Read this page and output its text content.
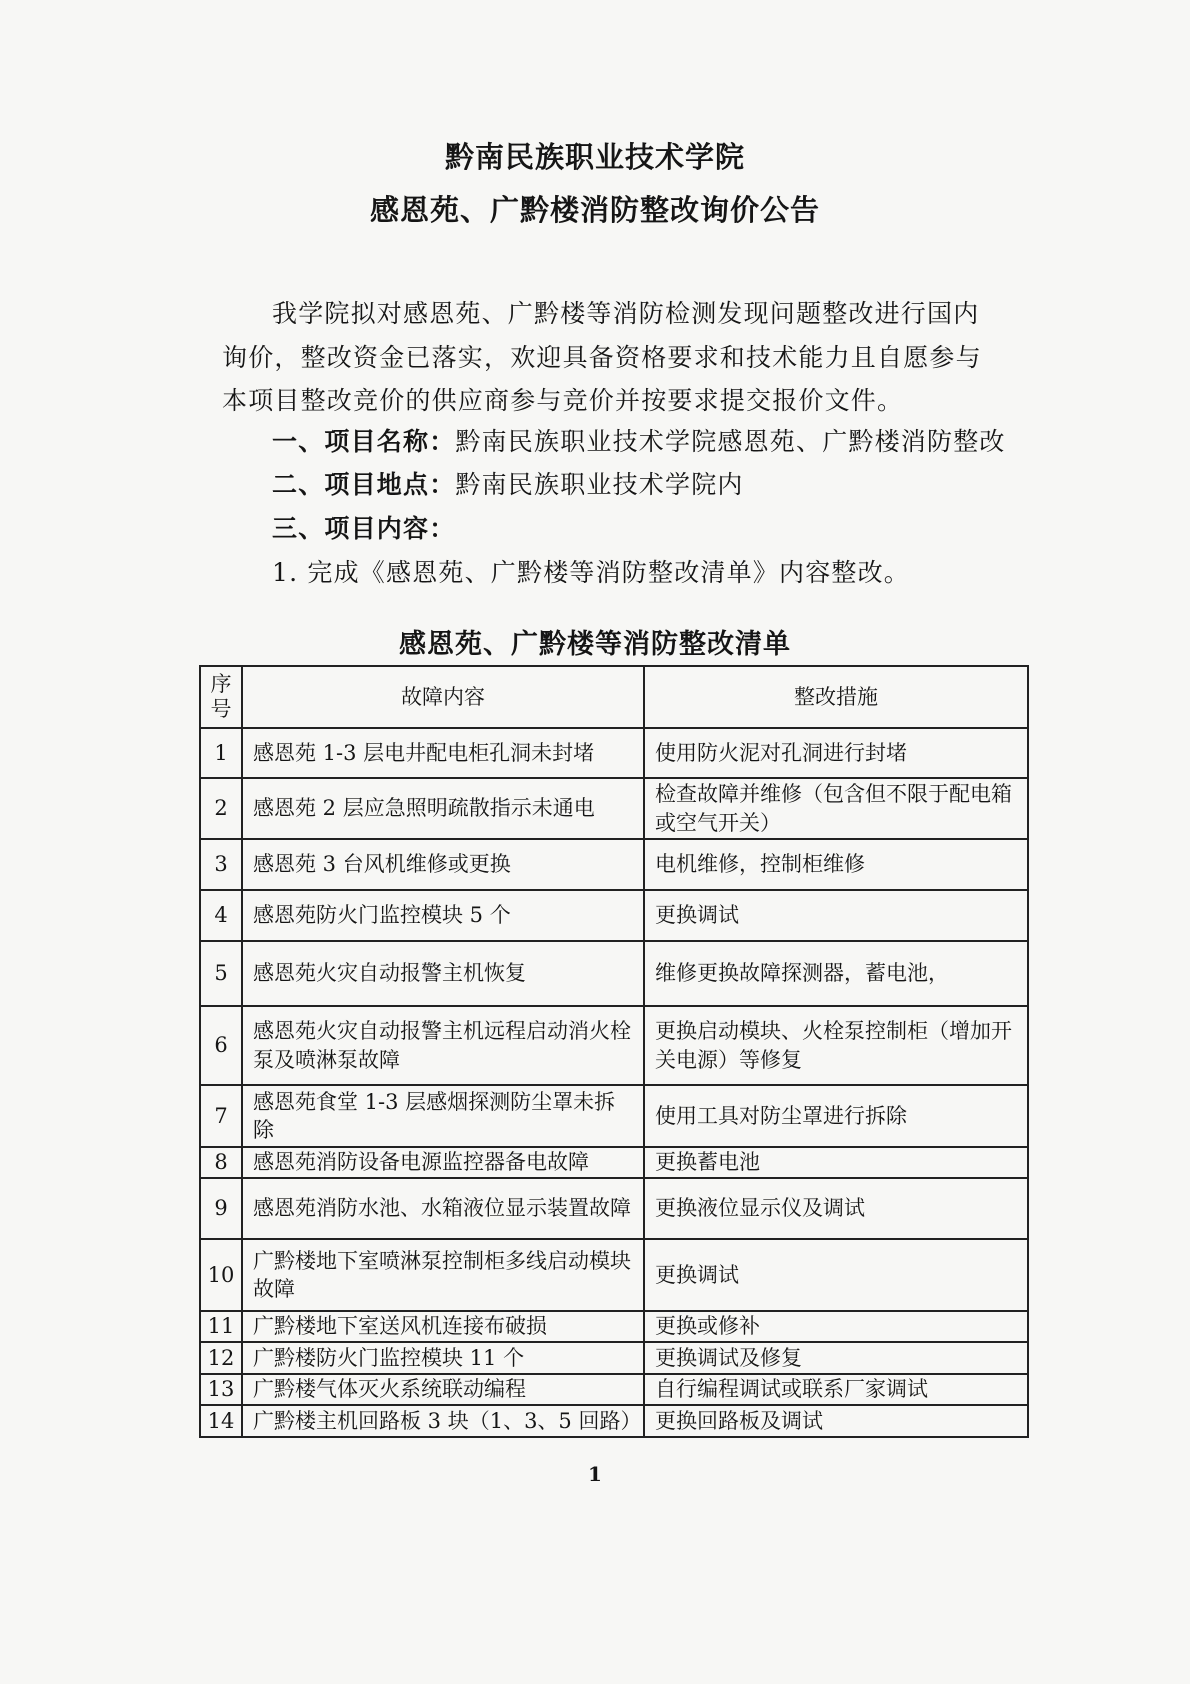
黔南民族职业技术学院
感恩苑、广黔楼消防整改询价公告

我学院拟对感恩苑、广黔楼等消防检测发现问题整改进行国内询价，整改资金已落实，欢迎具备资格要求和技术能力且自愿参与本项目整改竞价的供应商参与竞价并按要求提交报价文件。

一、项目名称：黔南民族职业技术学院感恩苑、广黔楼消防整改
二、项目地点：黔南民族职业技术学院内
三、项目内容：
1. 完成《感恩苑、广黔楼等消防整改清单》内容整改。
感恩苑、广黔楼等消防整改清单
序号	故障内容	整改措施
1	感恩苑 1-3 层电井配电柜孔洞未封堵	使用防火泥对孔洞进行封堵
2	感恩苑 2 层应急照明疏散指示未通电	检查故障并维修（包含但不限于配电箱或空气开关）
3	感恩苑 3 台风机维修或更换	电机维修，控制柜维修
4	感恩苑防火门监控模块 5 个	更换调试
5	感恩苑火灾自动报警主机恢复	维修更换故障探测器，蓄电池，
6	感恩苑火灾自动报警主机远程启动消火栓泵及喷淋泵故障	更换启动模块、火栓泵控制柜（增加开关电源）等修复
7	感恩苑食堂 1-3 层感烟探测防尘罩未拆除	使用工具对防尘罩进行拆除
8	感恩苑消防设备电源监控器备电故障	更换蓄电池
9	感恩苑消防水池、水箱液位显示装置故障	更换液位显示仪及调试
10	广黔楼地下室喷淋泵控制柜多线启动模块故障	更换调试
11	广黔楼地下室送风机连接布破损	更换或修补
12	广黔楼防火门监控模块 11 个	更换调试及修复
13	广黔楼气体灭火系统联动编程	自行编程调试或联系厂家调试
14	广黔楼主机回路板 3 块（1、3、5 回路）	更换回路板及调试
1
